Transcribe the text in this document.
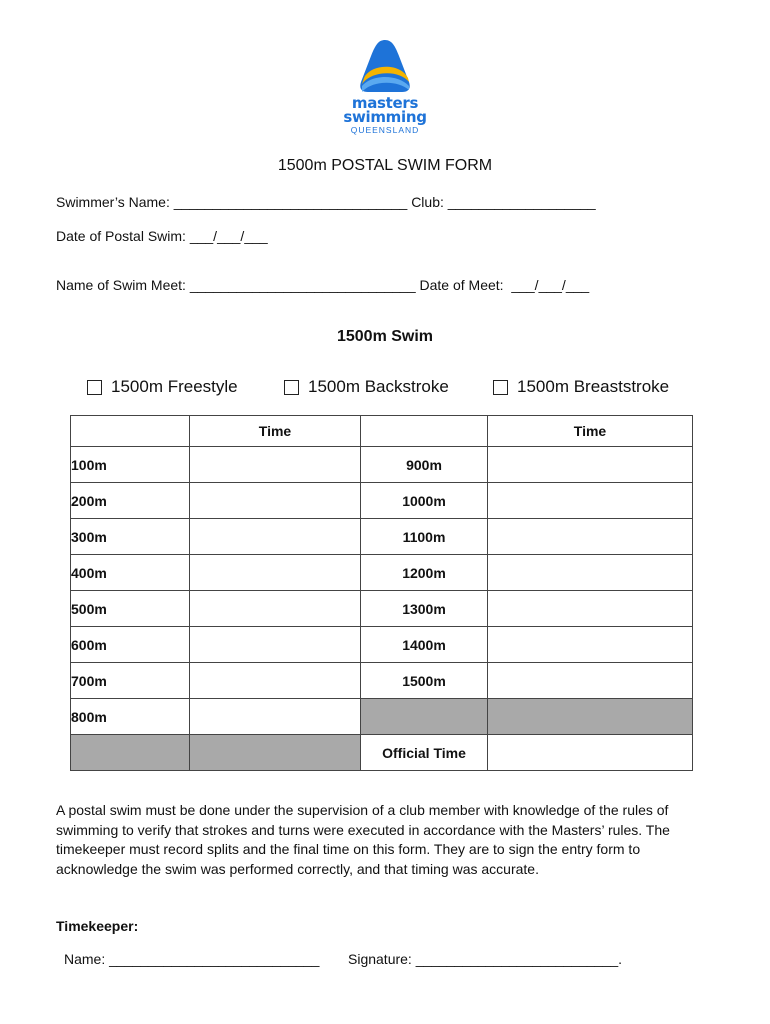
masters
swimming
QUEENSLAND
1500m POSTAL SWIM FORM
Swimmer’s Name: ______________________________ Club: ___________________
Date of Postal Swim: ___/___/___
Name of Swim Meet: _____________________________ Date of Meet:  ___/___/___
1500m Swim
1500m Freestyle	1500m Backstroke	1500m Breaststroke
	Time		Time
100m		900m	
200m		1000m	
300m		1100m	
400m		1200m	
500m		1300m	
600m		1400m	
700m		1500m	
800m			
		Official Time	
A postal swim must be done under the supervision of a club member with knowledge of the rules of swimming to verify that strokes and turns were executed in accordance with the Masters’ rules. The timekeeper must record splits and the final time on this form. They are to sign the entry form to acknowledge the swim was performed correctly, and that timing was accurate.
Timekeeper:
Name: ___________________________ Signature: __________________________.
